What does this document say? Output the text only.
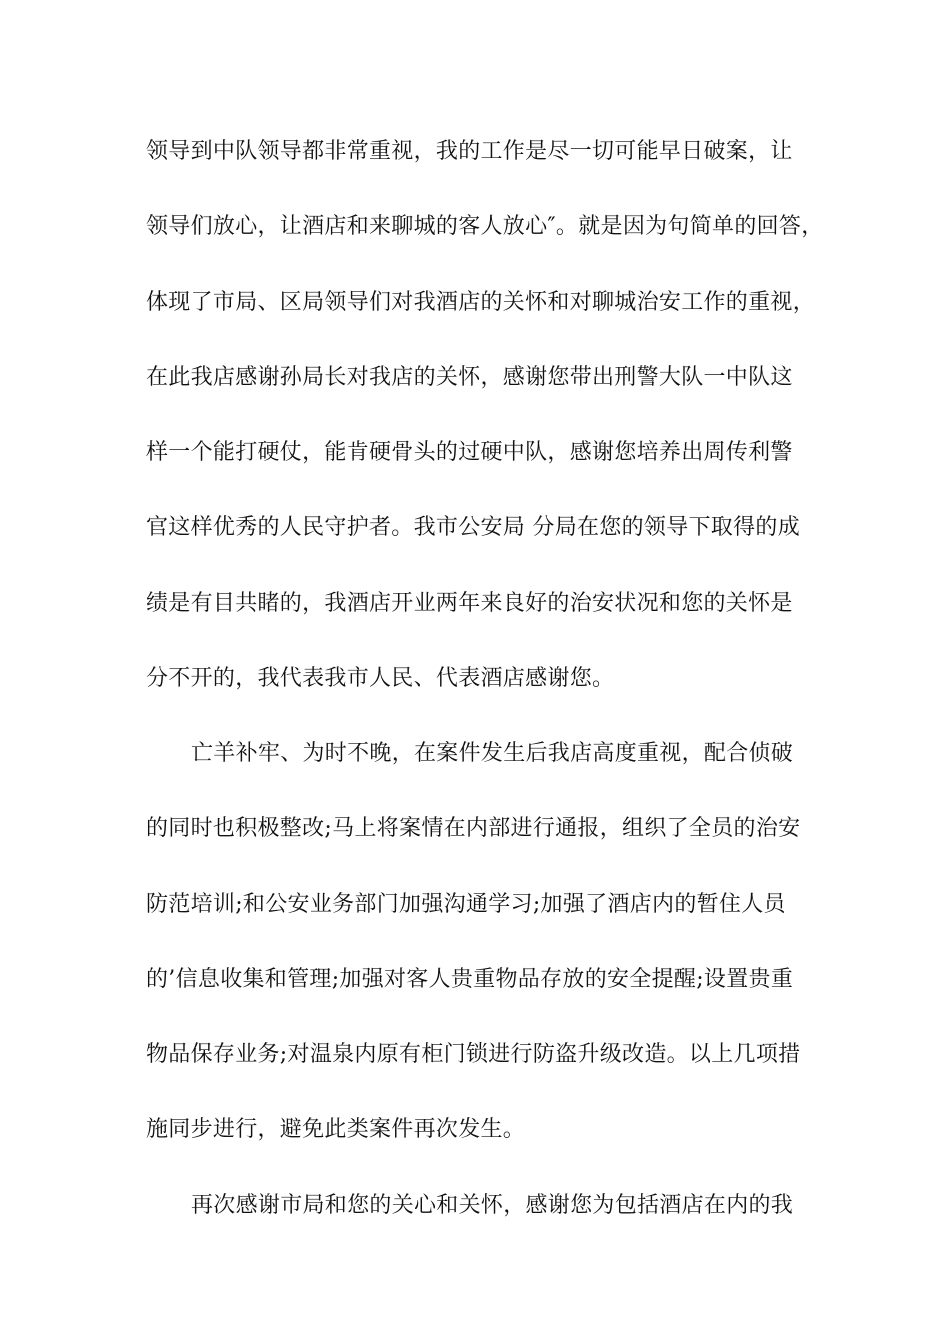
领导到中队领导都非常重视，我的工作是尽一切可能早日破案，让
领导们放心，让酒店和来聊城的客人放心″。就是因为句简单的回答，
体现了市局、区局领导们对我酒店的关怀和对聊城治安工作的重视，
在此我店感谢孙局长对我店的关怀，感谢您带出刑警大队一中队这
样一个能打硬仗，能肯硬骨头的过硬中队，感谢您培养出周传利警
官这样优秀的人民守护者。我市公安局 分局在您的领导下取得的成
绩是有目共睹的，我酒店开业两年来良好的治安状况和您的关怀是
分不开的，我代表我市人民、代表酒店感谢您。
亡羊补牢、为时不晚，在案件发生后我店高度重视，配合侦破
的同时也积极整改;马上将案情在内部进行通报，组织了全员的治安
防范培训;和公安业务部门加强沟通学习;加强了酒店内的暂住人员
的’信息收集和管理;加强对客人贵重物品存放的安全提醒;设置贵重
物品保存业务;对温泉内原有柜门锁进行防盗升级改造。以上几项措
施同步进行，避免此类案件再次发生。
再次感谢市局和您的关心和关怀，感谢您为包括酒店在内的我
